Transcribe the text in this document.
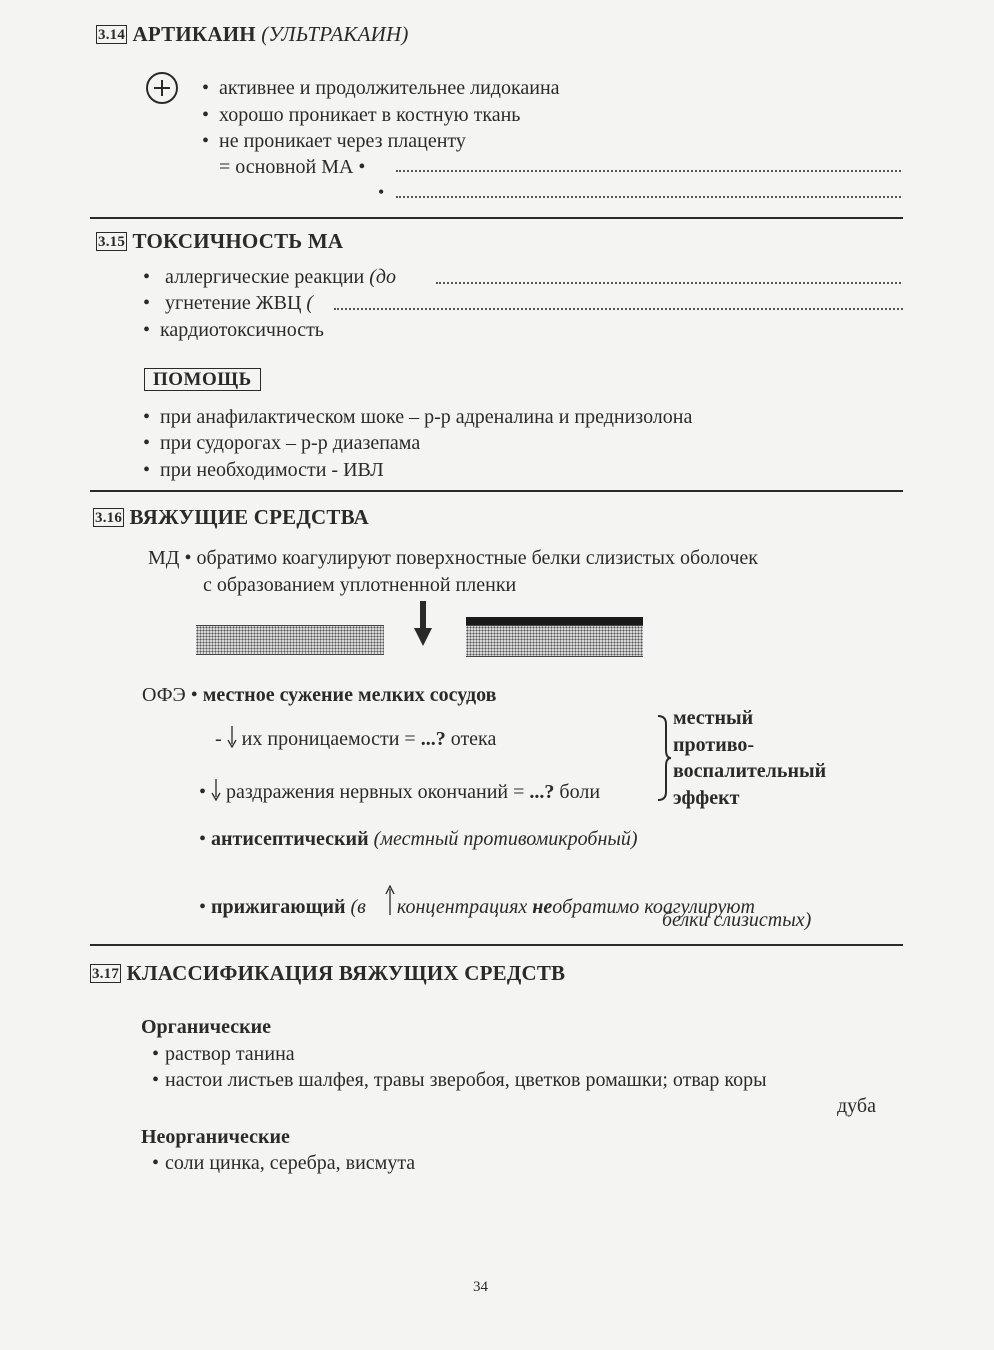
3.14 АРТИКАИН (УЛЬТРАКАИН)
• активнее и продолжительнее лидокаина
• хорошо проникает в костную ткань
• не проникает через плаценту
= основной МА •
•
3.15 ТОКСИЧНОСТЬ МА
• аллергические реакции (до
• угнетение ЖВЦ (
• кардиотоксичность
ПОМОЩЬ
• при анафилактическом шоке – р-р адреналина и преднизолона
• при судорогах – р-р диазепама
• при необходимости - ИВЛ
3.16 ВЯЖУЩИЕ СРЕДСТВА
МД • обратимо коагулируют поверхностные белки слизистых оболочек
с образованием уплотненной пленки
ОФЭ • местное сужение мелких сосудов
- их проницаемости = ...? отека
• раздражения нервных окончаний = ...? боли
местный
противо-
воспалительный
эффект
• антисептический (местный противомикробный)
• прижигающий (в концентрациях необратимо коагулируют
белки слизистых)
3.17 КЛАССИФИКАЦИЯ ВЯЖУЩИХ СРЕДСТВ
Органические
• раствор танина
• настои листьев шалфея, травы зверобоя, цветков ромашки; отвар коры
дуба
Неорганические
• соли цинка, серебра, висмута
34
